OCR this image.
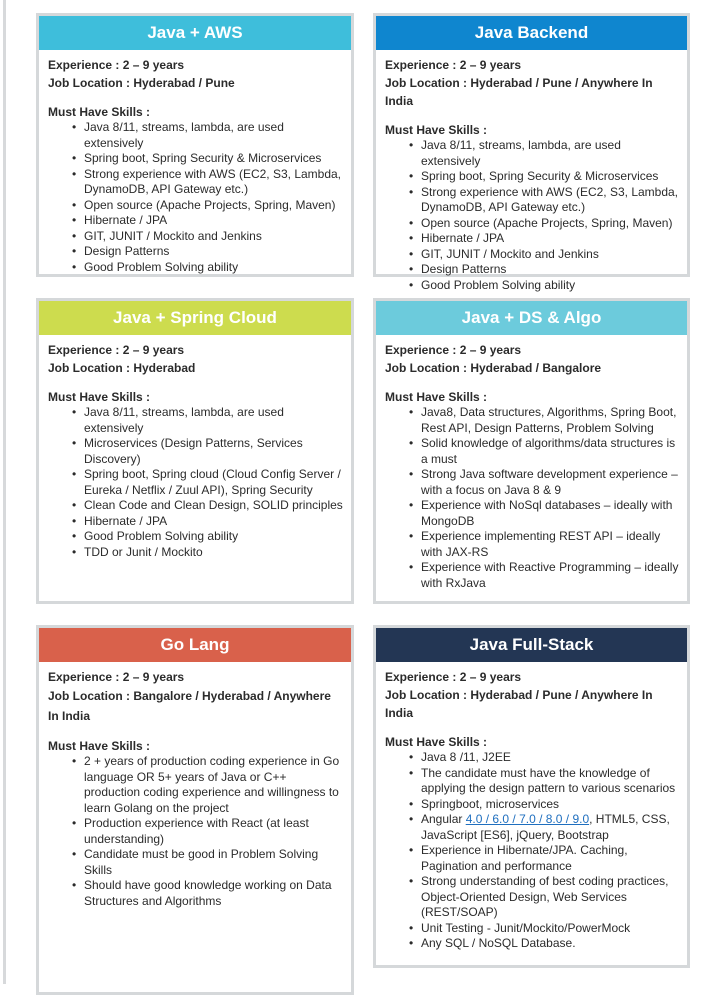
Java + AWS
Experience : 2 – 9 years
Job Location : Hyderabad / Pune
Must Have Skills :
• Java 8/11, streams, lambda, are used extensively
• Spring boot, Spring Security & Microservices
• Strong experience with AWS (EC2, S3, Lambda, DynamoDB, API Gateway etc.)
• Open source (Apache Projects, Spring, Maven)
• Hibernate / JPA
• GIT, JUNIT / Mockito and Jenkins
• Design Patterns
• Good Problem Solving ability
Java Backend
Experience : 2 – 9 years
Job Location : Hyderabad / Pune / Anywhere In India
Must Have Skills :
• Java 8/11, streams, lambda, are used extensively
• Spring boot, Spring Security & Microservices
• Strong experience with AWS (EC2, S3, Lambda, DynamoDB, API Gateway etc.)
• Open source (Apache Projects, Spring, Maven)
• Hibernate / JPA
• GIT, JUNIT / Mockito and Jenkins
• Design Patterns
• Good Problem Solving ability
Java + Spring Cloud
Experience : 2 – 9 years
Job Location : Hyderabad
Must Have Skills :
• Java 8/11, streams, lambda, are used extensively
• Microservices (Design Patterns, Services Discovery)
• Spring boot, Spring cloud (Cloud Config Server / Eureka / Netflix / Zuul API), Spring Security
• Clean Code and Clean Design, SOLID principles
• Hibernate / JPA
• Good Problem Solving ability
• TDD or Junit / Mockito
Java + DS & Algo
Experience : 2 – 9 years
Job Location : Hyderabad / Bangalore
Must Have Skills :
• Java8, Data structures, Algorithms, Spring Boot, Rest API, Design Patterns, Problem Solving
• Solid knowledge of algorithms/data structures is a must
• Strong Java software development experience – with a focus on Java 8 & 9
• Experience with NoSql databases – ideally with MongoDB
• Experience implementing REST API – ideally with JAX-RS
• Experience with Reactive Programming – ideally with RxJava
Go Lang
Experience : 2 – 9 years
Job Location : Bangalore / Hyderabad / Anywhere In India
Must Have Skills :
• 2 + years of production coding experience in Go language OR 5+ years of Java or C++ production coding experience and willingness to learn Golang on the project
• Production experience with React (at least understanding)
• Candidate must be good in Problem Solving Skills
• Should have good knowledge working on Data Structures and Algorithms
Java Full-Stack
Experience : 2 – 9 years
Job Location : Hyderabad / Pune / Anywhere In India
Must Have Skills :
• Java 8 /11, J2EE
• The candidate must have the knowledge of applying the design pattern to various scenarios
• Springboot, microservices
• Angular 4.0 / 6.0 / 7.0 / 8.0 / 9.0, HTML5, CSS, JavaScript [ES6], jQuery, Bootstrap
• Experience in Hibernate/JPA. Caching, Pagination and performance
• Strong understanding of best coding practices, Object-Oriented Design, Web Services (REST/SOAP)
• Unit Testing - Junit/Mockito/PowerMock
• Any SQL / NoSQL Database.
